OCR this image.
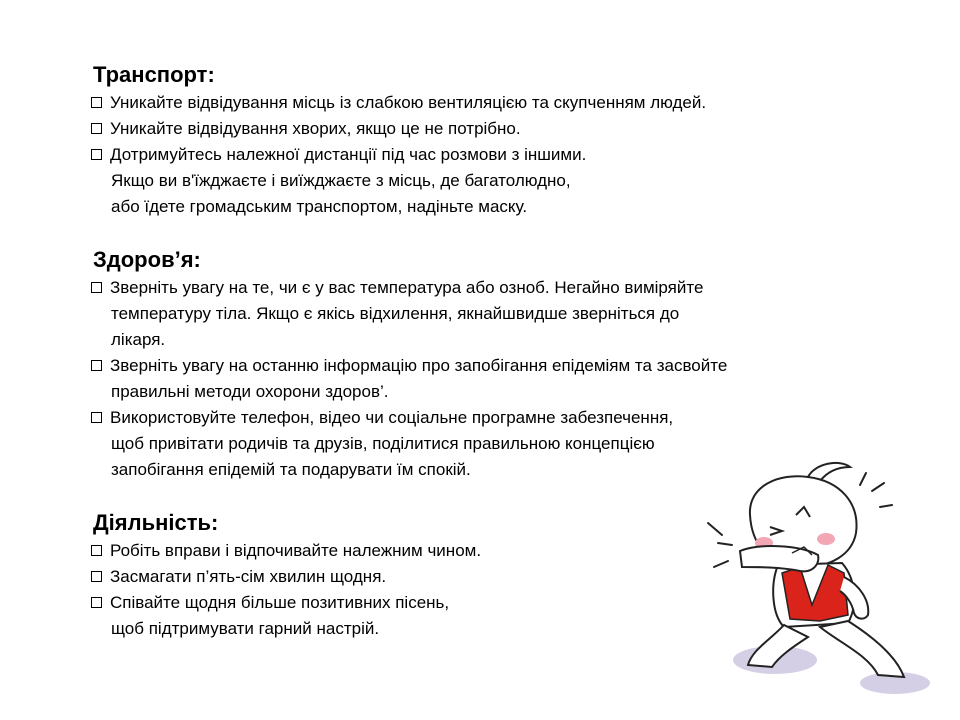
Транспорт:
Уникайте відвідування місць із слабкою вентиляцією та скупченням людей.
Уникайте відвідування хворих, якщо це не потрібно.
Дотримуйтесь належної дистанції під час розмови з іншими.
Якщо ви в'їжджаєте і виїжджаєте з місць, де багатолюдно,
або їдете громадським транспортом, надіньте маску.
Здоров’я:
Зверніть увагу на те, чи є у вас температура або озноб. Негайно виміряйте
температуру тіла. Якщо є якісь відхилення, якнайшвидше зверніться до
лікаря.
Зверніть увагу на останню інформацію про запобігання епідеміям та засвойте
правильні методи охорони здоров’.
Використовуйте телефон, відео чи соціальне програмне забезпечення,
щоб привітати родичів та друзів, поділитися правильною концепцією
запобігання епідемій та подарувати їм спокій.
Діяльність:
Робіть вправи і відпочивайте належним чином.
Засмагати п’ять-сім хвилин щодня.
Співайте щодня більше позитивних пісень,
щоб підтримувати гарний настрій.
